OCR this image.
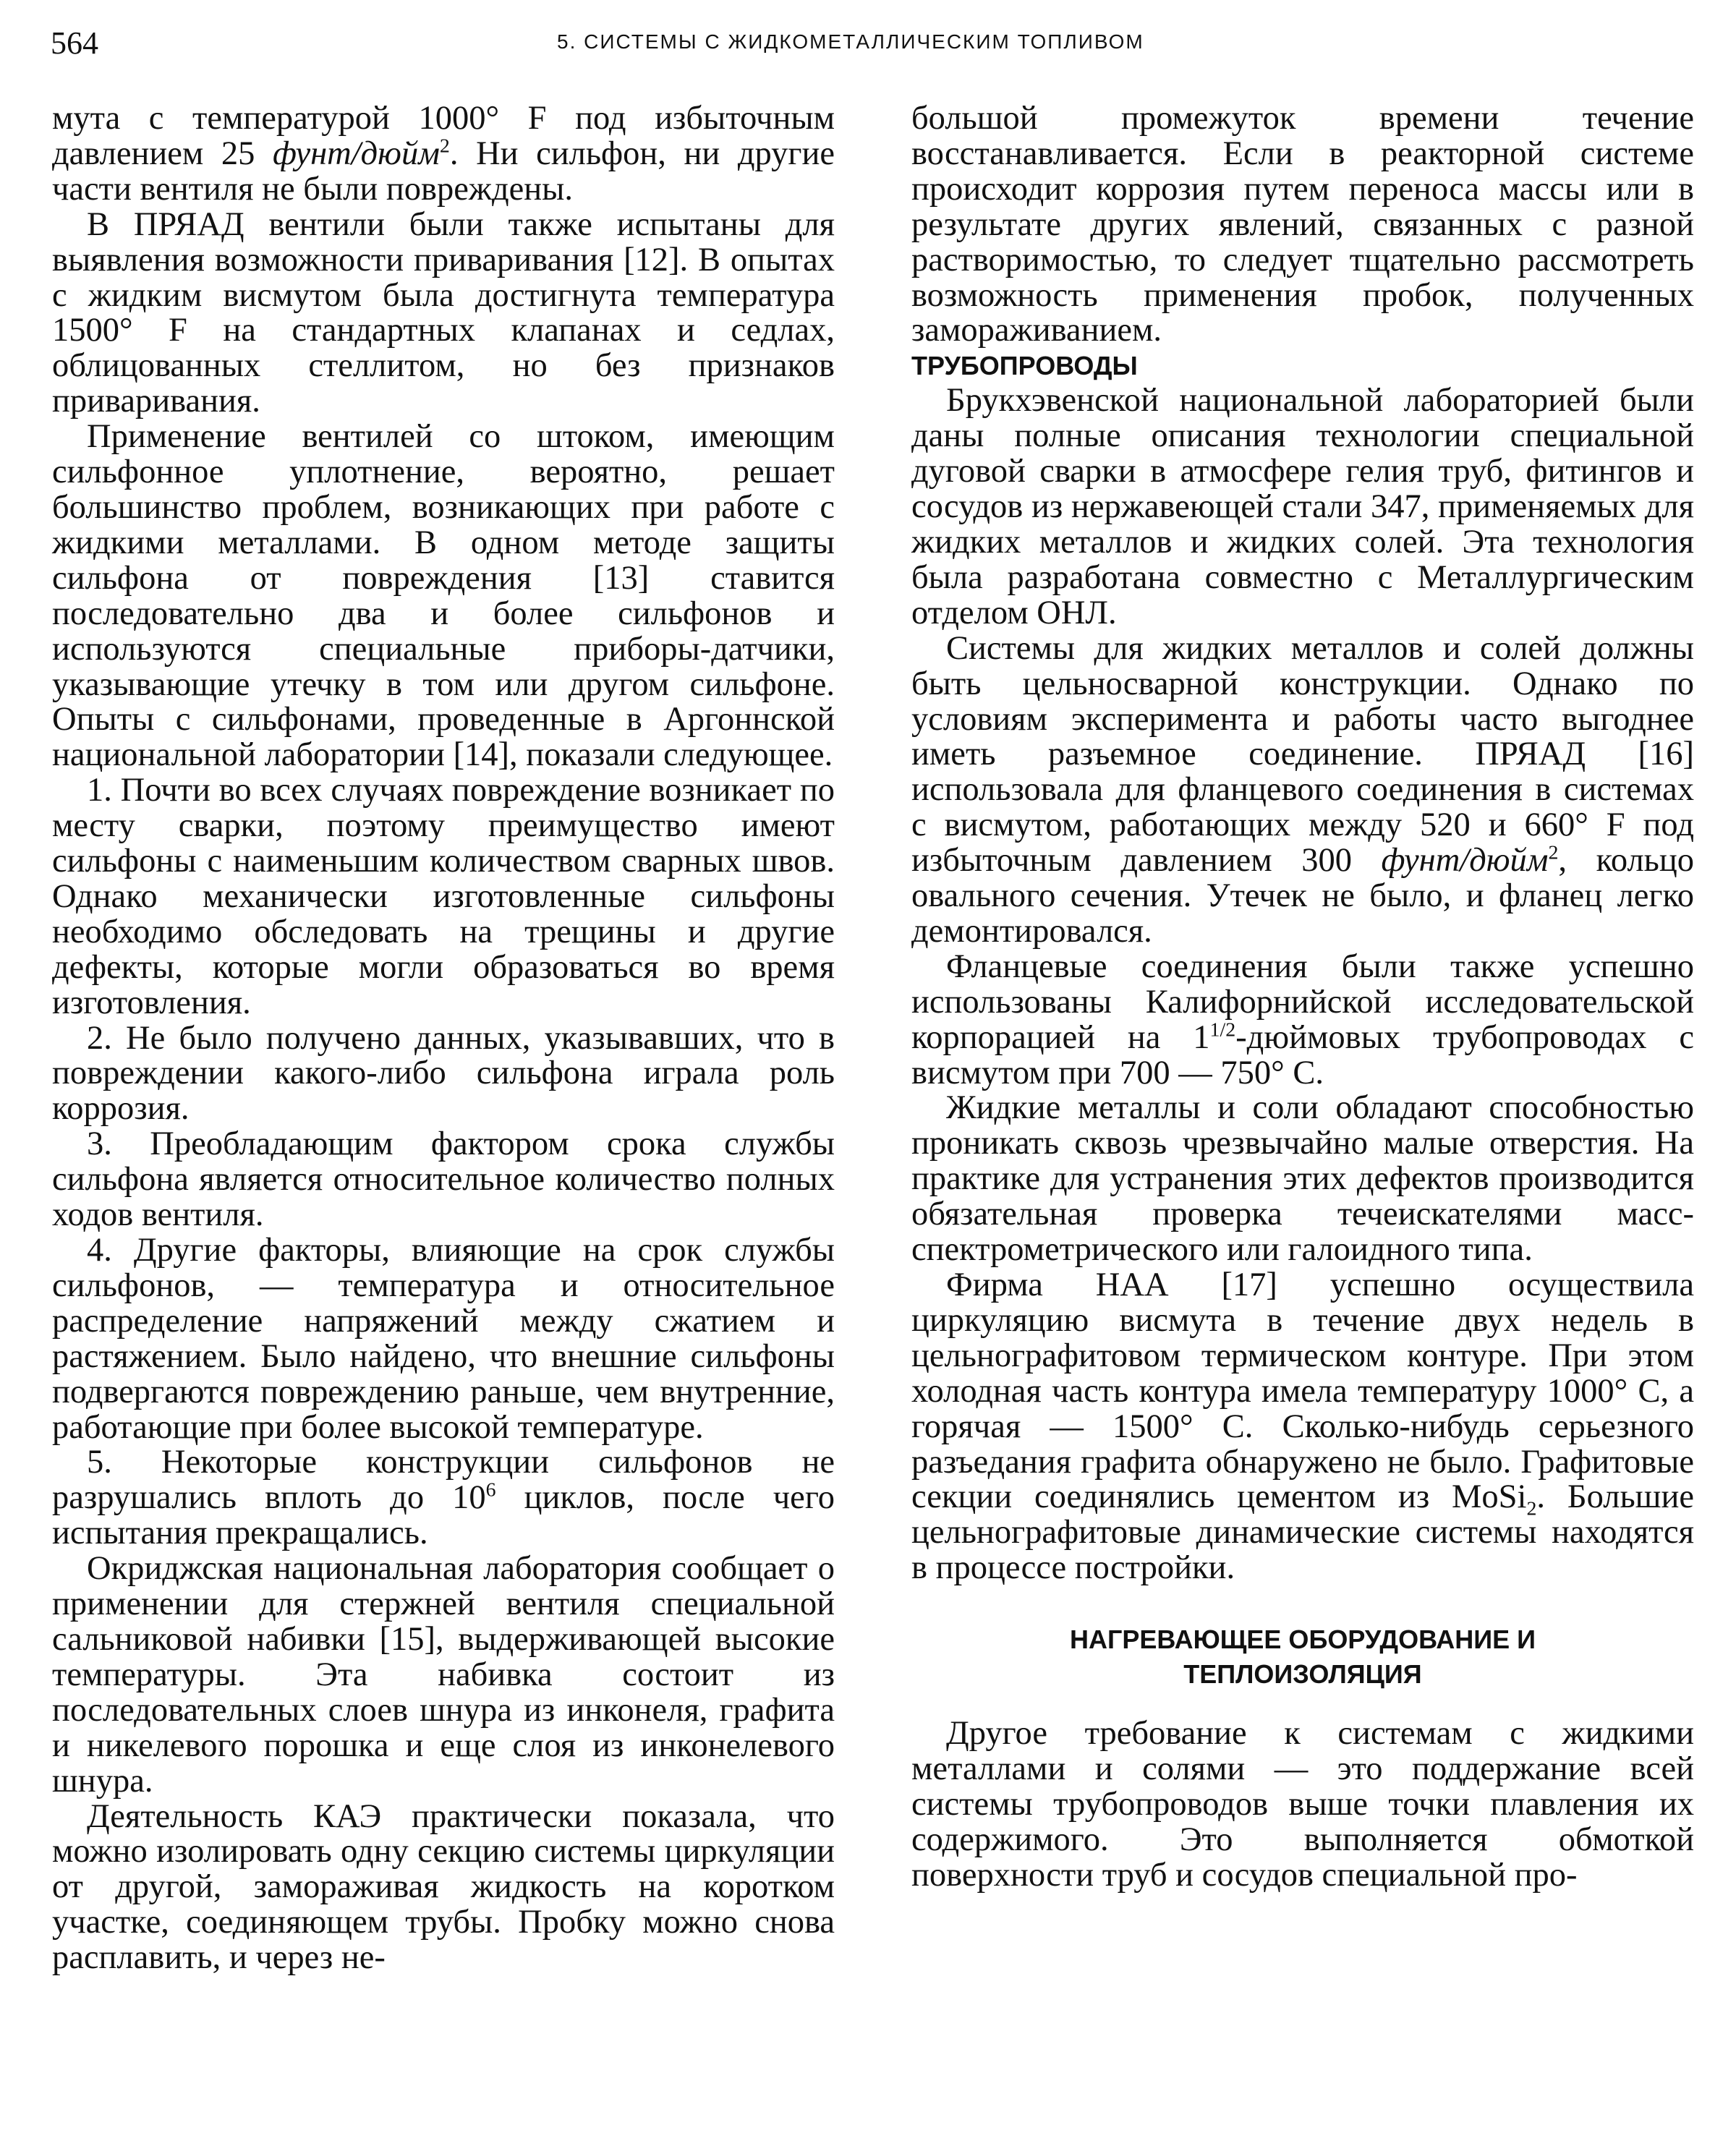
564	5. СИСТЕМЫ С ЖИДКОМЕТАЛЛИЧЕСКИМ ТОПЛИВОМ

мута с температурой 1000° F под избыточным давлением 25 фунт/дюйм$^2$. Ни сильфон, ни другие части вентиля не были повреждены.

В ПРЯАД вентили были также испытаны для выявления возможности приваривания [12]. В опытах с жидким висмутом была достигнута температура 1500° F на стандартных клапанах и седлах, облицованных стеллитом, но без признаков приваривания.

Применение вентилей со штоком, имеющим сильфонное уплотнение, вероятно, решает большинство проблем, возникающих при работе с жидкими металлами. В одном методе защиты сильфона от повреждения [13] ставится последовательно два и более сильфонов и используются специальные приборы-датчики, указывающие утечку в том или другом сильфоне. Опыты с сильфонами, проведенные в Аргоннской национальной лаборатории [14], показали следующее.

1. Почти во всех случаях повреждение возникает по месту сварки, поэтому преимущество имеют сильфоны с наименьшим количеством сварных швов. Однако механически изготовленные сильфоны необходимо обследовать на трещины и другие дефекты, которые могли образоваться во время изготовления.

2. Не было получено данных, указывавших, что в повреждении какого-либо сильфона играла роль коррозия.

3. Преобладающим фактором срока службы сильфона является относительное количество полных ходов вентиля.

4. Другие факторы, влияющие на срок службы сильфонов, — температура и относительное распределение напряжений между сжатием и растяжением. Было найдено, что внешние сильфоны подвергаются повреждению раньше, чем внутренние, работающие при более высокой температуре.

5. Некоторые конструкции сильфонов не разрушались вплоть до $10^6$ циклов, после чего испытания прекращались.

Окриджская национальная лаборатория сообщает о применении для стержней вентиля специальной сальниковой набивки [15], выдерживающей высокие температуры. Эта набивка состоит из последовательных слоев шнура из инконеля, графита и никелевого порошка и еще слоя из инконелевого шнура.

Деятельность КАЭ практически показала, что можно изолировать одну секцию системы циркуляции от другой, замораживая жидкость на коротком участке, соединяющем трубы. Пробку можно снова расплавить, и через не-

большой промежуток времени течение восстанавливается. Если в реакторной системе происходит коррозия путем переноса массы или в результате других явлений, связанных с разной растворимостью, то следует тщательно рассмотреть возможность применения пробок, полученных замораживанием.

ТРУБОПРОВОДЫ

Брукхэвенской национальной лабораторией были даны полные описания технологии специальной дуговой сварки в атмосфере гелия труб, фитингов и сосудов из нержавеющей стали 347, применяемых для жидких металлов и жидких солей. Эта технология была разработана совместно с Металлургическим отделом ОНЛ.

Системы для жидких металлов и солей должны быть цельносварной конструкции. Однако по условиям эксперимента и работы часто выгоднее иметь разъемное соединение. ПРЯАД [16] использовала для фланцевого соединения в системах с висмутом, работающих между 520 и 660° F под избыточным давлением 300 фунт/дюйм$^2$, кольцо овального сечения. Утечек не было, и фланец легко демонтировался.

Фланцевые соединения были также успешно использованы Калифорнийской исследовательской корпорацией на $1^{1/2}$-дюймовых трубопроводах с висмутом при 700 — 750° С.

Жидкие металлы и соли обладают способностью проникать сквозь чрезвычайно малые отверстия. На практике для устранения этих дефектов производится обязательная проверка течеискателями масс-спектрометрического или галоидного типа.

Фирма НАА [17] успешно осуществила циркуляцию висмута в течение двух недель в цельнографитовом термическом контуре. При этом холодная часть контура имела температуру 1000° С, а горячая — 1500° С. Сколько-нибудь серьезного разъедания графита обнаружено не было. Графитовые секции соединялись цементом из MoSi$_2$. Большие цельнографитовые динамические системы находятся в процессе постройки.

НАГРЕВАЮЩЕЕ ОБОРУДОВАНИЕ И
ТЕПЛОИЗОЛЯЦИЯ

Другое требование к системам с жидкими металлами и солями — это поддержание всей системы трубопроводов выше точки плавления их содержимого. Это выполняется обмоткой поверхности труб и сосудов специальной про-
